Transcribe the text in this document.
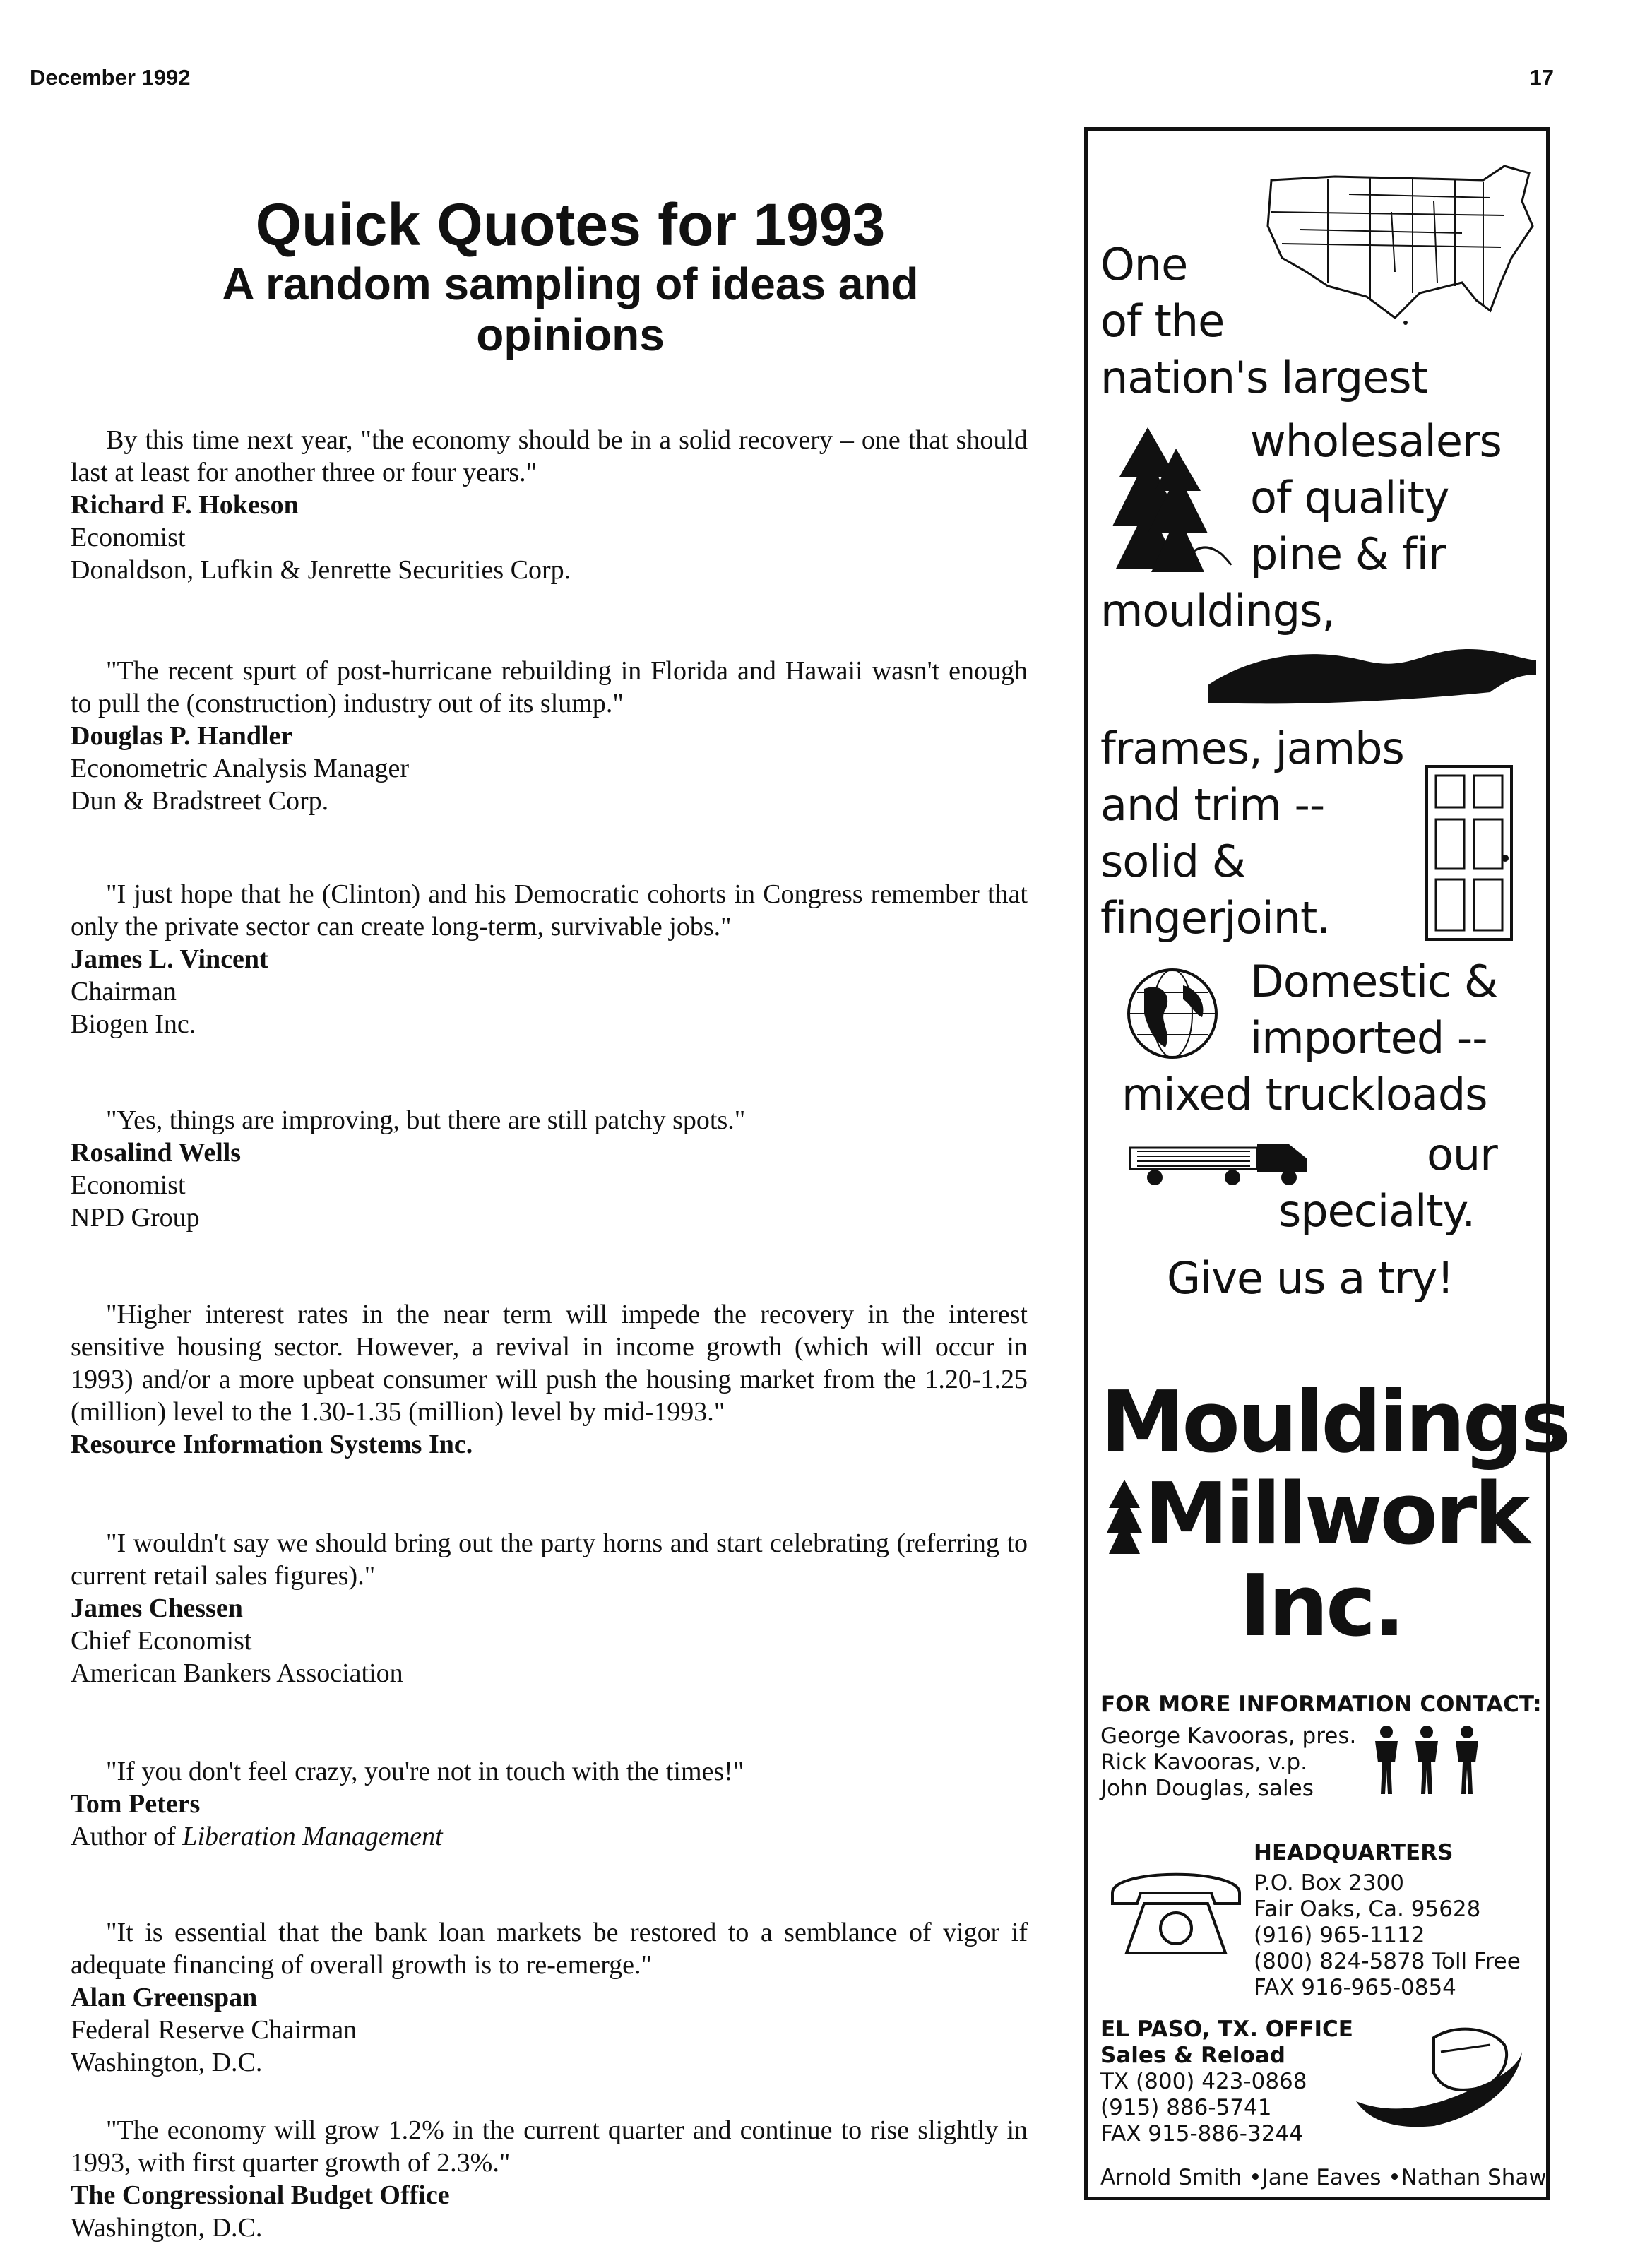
December 1992	17
Quick Quotes for 1993
A random sampling of ideas and
opinions

By this time next year, "the economy should be in a solid recovery – one that should last at least for another three or four years."

Richard F. Hokeson

Economist

Donaldson, Lufkin & Jenrette Securities Corp.

"The recent spurt of post-hurricane rebuilding in Florida and Hawaii wasn't enough to pull the (construction) industry out of its slump."

Douglas P. Handler

Econometric Analysis Manager

Dun & Bradstreet Corp.

"I just hope that he (Clinton) and his Democratic cohorts in Congress remember that only the private sector can create long-term, survivable jobs."

James L. Vincent

Chairman

Biogen Inc.

"Yes, things are improving, but there are still patchy spots."

Rosalind Wells

Economist

NPD Group

"Higher interest rates in the near term will impede the recovery in the interest sensitive housing sector. However, a revival in income growth (which will occur in 1993) and/or a more upbeat consumer will push the housing market from the 1.20-1.25 (million) level to the 1.30-1.35 (million) level by mid-1993."

Resource Information Systems Inc.

"I wouldn't say we should bring out the party horns and start celebrating (referring to current retail sales figures)."

James Chessen

Chief Economist

American Bankers Association

"If you don't feel crazy, you're not in touch with the times!"

Tom Peters

Author of Liberation Management

"It is essential that the bank loan markets be restored to a semblance of vigor if adequate financing of overall growth is to re-emerge."

Alan Greenspan

Federal Reserve Chairman

Washington, D.C.

"The economy will grow 1.2% in the current quarter and continue to rise slightly in 1993, with first quarter growth of 2.3%."

The Congressional Budget Office

Washington, D.C.

One
of the
nation's largest
wholesalers
of quality
pine & fir
mouldings,
frames, jambs
and trim --
solid &
fingerjoint.
Domestic &
imported --
mixed truckloads
our
specialty.
Give us a try!
Mouldings
Millwork
Inc.
FOR MORE INFORMATION CONTACT:
George Kavooras, pres.
Rick Kavooras, v.p.
John Douglas, sales
HEADQUARTERS
P.O. Box 2300
Fair Oaks, Ca. 95628
(916) 965-1112
(800) 824-5878 Toll Free
FAX 916-965-0854
EL PASO, TX. OFFICE
Sales & Reload
TX (800) 423-0868
(915) 886-5741
FAX 915-886-3244
Arnold Smith •Jane Eaves •Nathan Shaw
